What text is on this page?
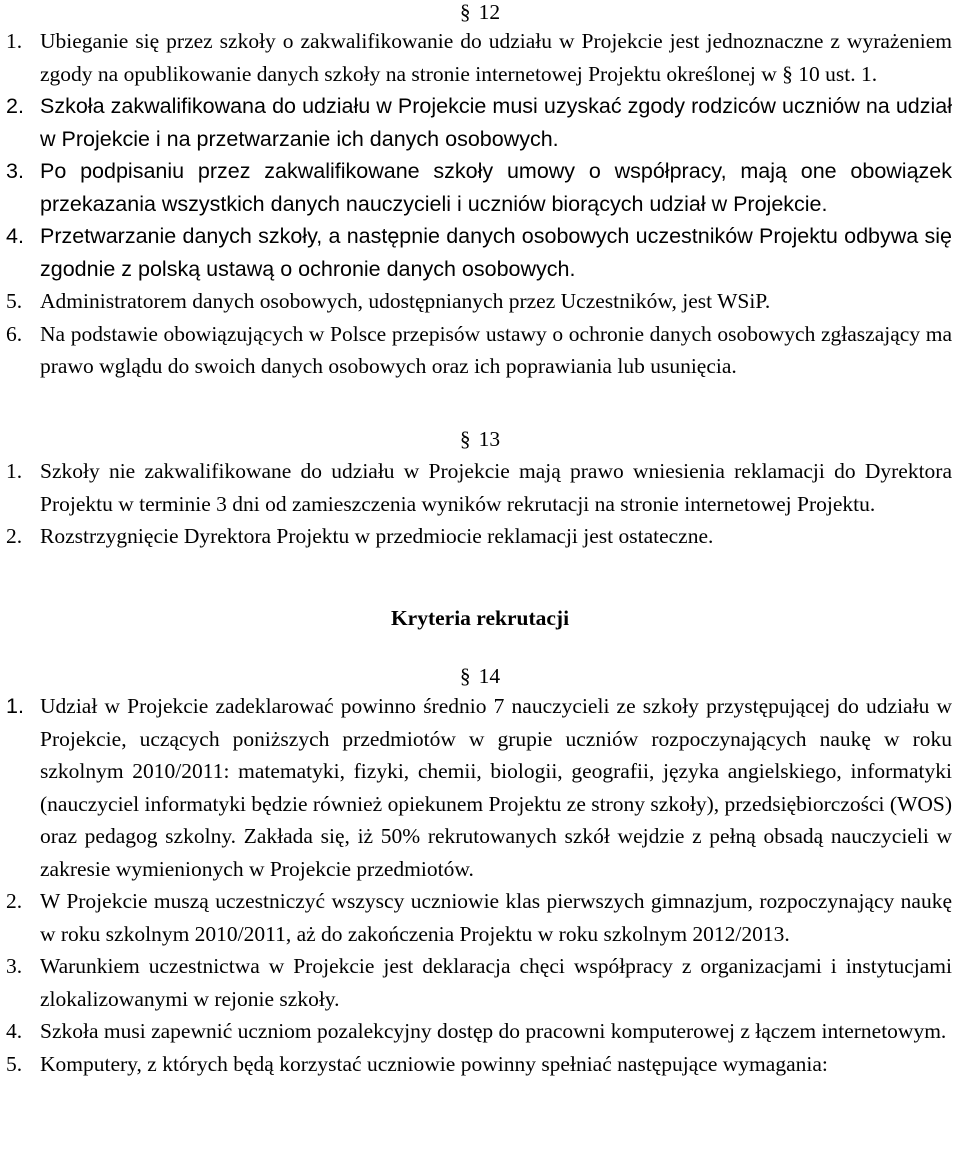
§ 12
1. Ubieganie się przez szkoły o zakwalifikowanie do udziału w Projekcie jest jednoznaczne z wyrażeniem zgody na opublikowanie danych szkoły na stronie internetowej Projektu określonej w § 10 ust. 1.
2. Szkoła zakwalifikowana do udziału w Projekcie musi uzyskać zgody rodziców uczniów na udział w Projekcie i na przetwarzanie ich danych osobowych.
3. Po podpisaniu przez zakwalifikowane szkoły umowy o współpracy, mają one obowiązek przekazania wszystkich danych nauczycieli i uczniów biorących udział w Projekcie.
4. Przetwarzanie danych szkoły, a następnie danych osobowych uczestników Projektu odbywa się zgodnie z polską ustawą o ochronie danych osobowych.
5. Administratorem danych osobowych, udostępnianych przez Uczestników, jest WSiP.
6. Na podstawie obowiązujących w Polsce przepisów ustawy o ochronie danych osobowych zgłaszający ma prawo wglądu do swoich danych osobowych oraz ich poprawiania lub usunięcia.
§ 13
1. Szkoły nie zakwalifikowane do udziału w Projekcie mają prawo wniesienia reklamacji do Dyrektora Projektu w terminie 3 dni od zamieszczenia wyników rekrutacji na stronie internetowej Projektu.
2. Rozstrzygnięcie Dyrektora Projektu w przedmiocie reklamacji jest ostateczne.
Kryteria rekrutacji
§ 14
1. Udział w Projekcie zadeklarować powinno średnio 7 nauczycieli ze szkoły przystępującej do udziału w Projekcie, uczących poniższych przedmiotów w grupie uczniów rozpoczynających naukę w roku szkolnym 2010/2011: matematyki, fizyki, chemii, biologii, geografii, języka angielskiego, informatyki (nauczyciel informatyki będzie również opiekunem Projektu ze strony szkoły), przedsiębiorczości (WOS) oraz pedagog szkolny. Zakłada się, iż 50% rekrutowanych szkół wejdzie z pełną obsadą nauczycieli w zakresie wymienionych w Projekcie przedmiotów.
2. W Projekcie muszą uczestniczyć wszyscy uczniowie klas pierwszych gimnazjum, rozpoczynający naukę w roku szkolnym 2010/2011, aż do zakończenia Projektu w roku szkolnym 2012/2013.
3. Warunkiem uczestnictwa w Projekcie jest deklaracja chęci współpracy z organizacjami i instytucjami zlokalizowanymi w rejonie szkoły.
4. Szkoła musi zapewnić uczniom pozalekcyjny dostęp do pracowni komputerowej z łączem internetowym.
5. Komputery, z których będą korzystać uczniowie powinny spełniać następujące wymagania:
